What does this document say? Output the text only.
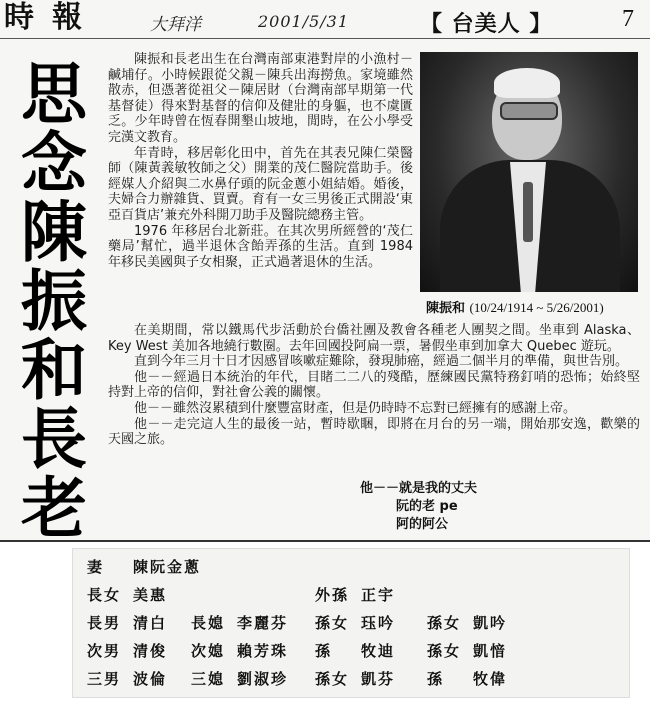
時報	大拜洋	2001/5/31	【 台美人 】	7
思
念
陳
振
和
長
老

陳振和長老出生在台灣南部東港對岸的小漁村－鹹埔仔。小時候跟從父親－陳兵出海撈魚。家境雖然散赤，但憑著從祖父－陳居財（台灣南部早期第一代基督徒）得來對基督的信仰及健壯的身軀，也不虞匱乏。少年時曾在恆春開墾山坡地，閒時，在公小學受完漢文教育。

年青時，移居彰化田中，首先在其表兄陳仁榮醫師（陳黃義敏牧師之父）開業的茂仁醫院當助手。後經媒人介紹與二水鼻仔頭的阮金蔥小姐結婚。婚後，夫婦合力辦雜貨、買賣。育有一女三男後正式開設‘東亞百貨店’兼充外科開刀助手及醫院總務主管。

1976 年移居台北新莊。在其次男所經營的‘茂仁藥局’幫忙，過半退休含飴弄孫的生活。直到 1984 年移民美國與子女相聚，正式過著退休的生活。

陳振和 (10/24/1914 ~ 5/26/2001)

在美期間，常以鐵馬代步活動於台僑社團及教會各種老人團契之間。坐車到 Alaska、Key West 美加各地繞行數圈。去年回國投阿扁一票，暑假坐車到加拿大 Quebec 遊玩。

直到今年三月十日才因感冒咳嗽症難除，發現肺癌，經過二個半月的準備，與世告別。

他－－經過日本統治的年代，目睹二二八的殘酷，歷練國民黨特務釘哨的恐怖；始終堅持對上帝的信仰，對社會公義的關懷。

他－－雖然沒累積到什麼豐富財產，但是仍時時不忘對已經擁有的感謝上帝。

他－－走完這人生的最後一站，暫時歇睏，即將在月台的另一端，開始那安逸，歡樂的天國之旅。

他－－就是我的丈夫
阮的老 pe
阿的阿公
妻 陳阮金蔥
長女 美惠	外孫 正宇
長男 清白 長媳 李麗芬 孫女 珏吟 孫女 凱吟
次男 清俊 次媳 賴芳珠 孫 牧迪 孫女 凱愔
三男 波倫 三媳 劉淑珍 孫女 凱芬 孫 牧偉
